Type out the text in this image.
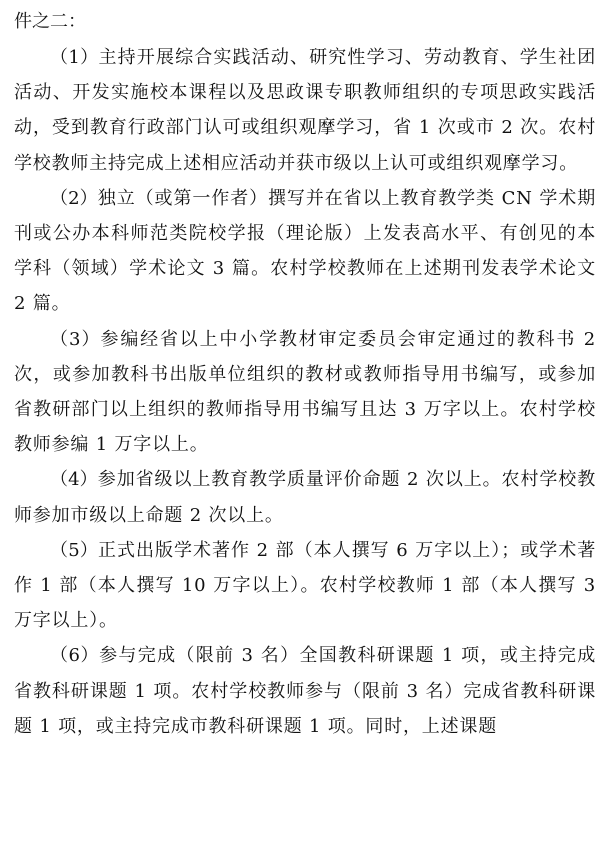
件之二：

（1）主持开展综合实践活动、研究性学习、劳动教育、学生社团活动、开发实施校本课程以及思政课专职教师组织的专项思政实践活动，受到教育行政部门认可或组织观摩学习，省 1 次或市 2 次。农村学校教师主持完成上述相应活动并获市级以上认可或组织观摩学习。

（2）独立（或第一作者）撰写并在省以上教育教学类 CN 学术期刊或公办本科师范类院校学报（理论版）上发表高水平、有创见的本学科（领域）学术论文 3 篇。农村学校教师在上述期刊发表学术论文 2 篇。

（3）参编经省以上中小学教材审定委员会审定通过的教科书 2 次，或参加教科书出版单位组织的教材或教师指导用书编写，或参加省教研部门以上组织的教师指导用书编写且达 3 万字以上。农村学校教师参编 1 万字以上。

（4）参加省级以上教育教学质量评价命题 2 次以上。农村学校教师参加市级以上命题 2 次以上。

（5）正式出版学术著作 2 部（本人撰写 6 万字以上）；或学术著作 1 部（本人撰写 10 万字以上）。农村学校教师 1 部（本人撰写 3 万字以上）。

（6）参与完成（限前 3 名）全国教科研课题 1 项，或主持完成省教科研课题 1 项。农村学校教师参与（限前 3 名）完成省教科研课题 1 项，或主持完成市教科研课题 1 项。同时，上述课题
